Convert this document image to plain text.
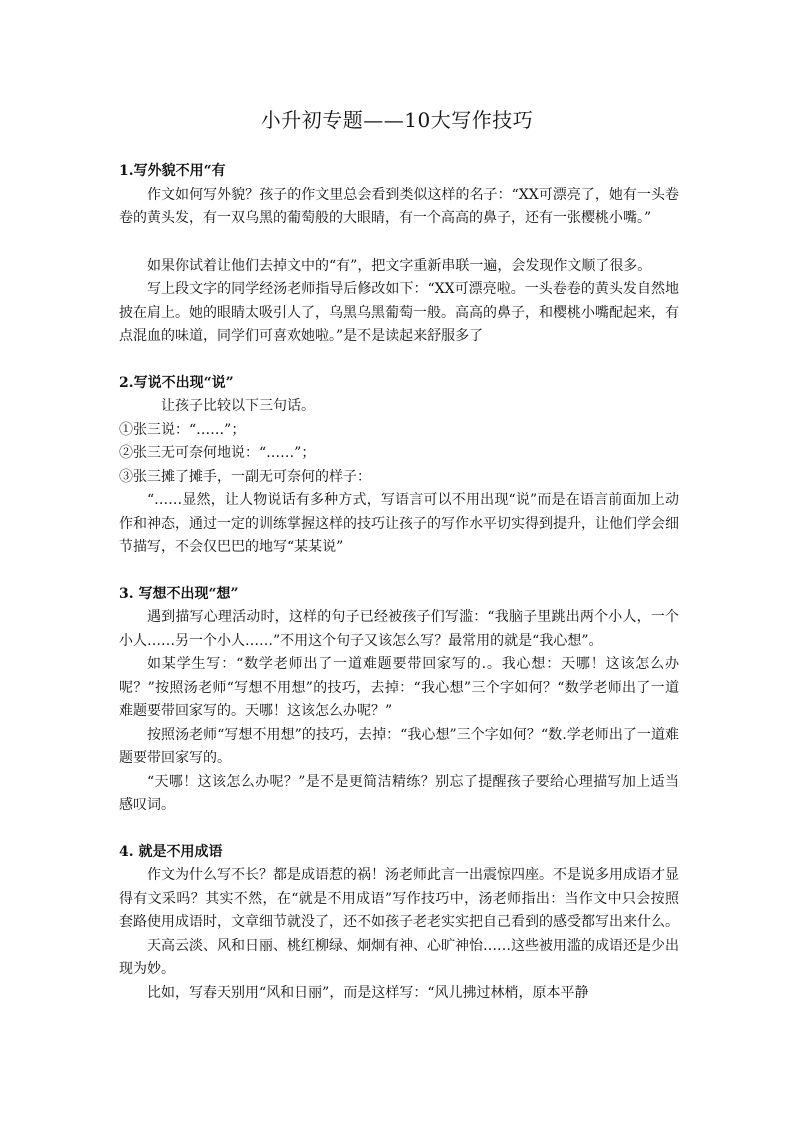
小升初专题——10大写作技巧

1.写外貌不用“有

作文如何写外貌？孩子的作文里总会看到类似这样的名子：“XX可漂亮了，她有一头卷卷的黄头发，有一双乌黑的葡萄般的大眼睛，有一个高高的鼻子，还有一张樱桃小嘴。”

如果你试着让他们去掉文中的“有”，把文字重新串联一遍，会发现作文顺了很多。

写上段文字的同学经汤老师指导后修改如下：“XX可漂亮啦。一头卷卷的黄头发自然地披在肩上。她的眼睛太吸引人了，乌黑乌黑葡萄一般。高高的鼻子，和樱桃小嘴配起来，有点混血的味道，同学们可喜欢她啦。”是不是读起来舒服多了

2.写说不出现“说”

让孩子比较以下三句话。

①张三说：“……”；

②张三无可奈何地说：“……”；

③张三摊了摊手，一副无可奈何的样子：

“……显然，让人物说话有多种方式，写语言可以不用出现“说”而是在语言前面加上动作和神态，通过一定的训练掌握这样的技巧让孩子的写作水平切实得到提升，让他们学会细节描写，不会仅巴巴的地写“某某说”

3. 写想不出现“想”

遇到描写心理活动时，这样的句子已经被孩子们写滥：“我脑子里跳出两个小人，一个小人……另一个小人……”不用这个句子又该怎么写？最常用的就是“我心想”。

如某学生写：“数学老师出了一道难题要带回家写的.。我心想：天哪！这该怎么办呢？”按照汤老师“写想不用想”的技巧，去掉：“我心想”三个字如何？“数学老师出了一道难题要带回家写的。天哪！这该怎么办呢？”

按照汤老师“写想不用想”的技巧，去掉：“我心想”三个字如何？“数.学老师出了一道难题要带回家写的。

“天哪！这该怎么办呢？”是不是更简洁精练？别忘了提醒孩子要给心理描写加上适当感叹词。

4. 就是不用成语

作文为什么写不长？都是成语惹的祸！汤老师此言一出震惊四座。不是说多用成语才显得有文采吗？其实不然，在“就是不用成语”写作技巧中，汤老师指出：当作文中只会按照套路使用成语时，文章细节就没了，还不如孩子老老实实把自己看到的感受都写出来什么。

天高云淡、风和日丽、桃红柳绿、炯炯有神、心旷神怡……这些被用滥的成语还是少出现为妙。

比如，写春天别用“风和日丽”，而是这样写：“风儿拂过林梢，原本平静
